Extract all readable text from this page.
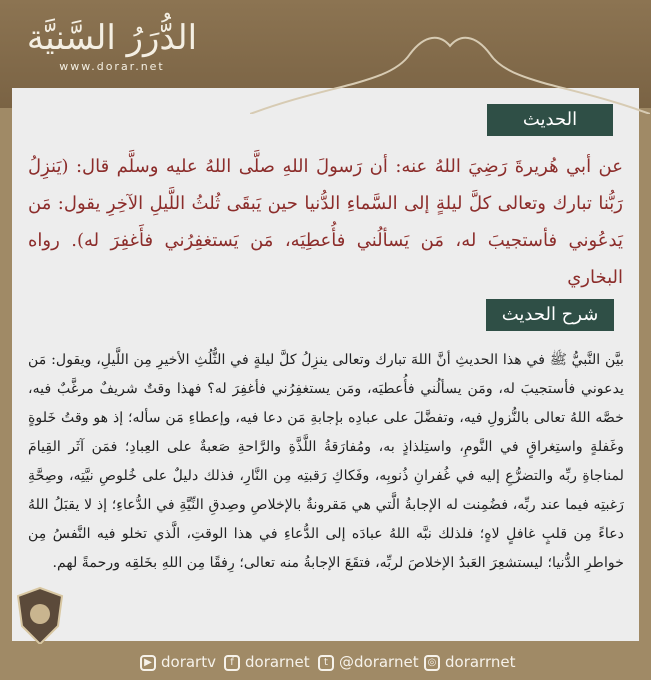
الدُّرَرُ السَّنيَّة
www.dorar.net
الحديث
عن أبي هُريرةَ رَضِيَ اللهُ عنه: أن رَسولَ اللهِ صلَّى اللهُ عليه وسلَّم قال: (يَنزِلُ رَبُّنا تبارك وتعالى كلَّ ليلةٍ إلى السَّماءِ الدُّنيا حين يَبقَى ثُلثُ اللَّيلِ الآخِرِ يقول: مَن يَدعُوني فأستجيبَ له، مَن يَسألُني فأُعطِيَه، مَن يَستغفِرُني فأَغفِرَ له). رواه البخاري
شرح الحديث
بيَّن النَّبيُّ ﷺ في هذا الحديثِ أنَّ اللهَ تبارك وتعالى ينزِلُ كلَّ ليلةٍ في الثُّلُثِ الأخيرِ مِن اللَّيلِ، ويقول: مَن يدعوني فأستجيبَ له، ومَن يسألُني فأُعطيَه، ومَن يستغفِرُني فأغفِرَ له؟ فهذا وقتٌ شريفٌ مرغَّبٌ فيه، خصَّه اللهُ تعالى بالنُّزولِ فيه، وتفضَّلَ على عبادِه بإجابةِ مَن دعا فيه، وإعطاءِ مَن سأله؛ إذ هو وقتُ خَلوةٍ وغَفلةٍ واستِغراقٍ في النَّومِ، واستِلذاذٍ به، ومُفارَقةُ اللَّذَّةِ والرَّاحةِ صَعبةٌ على العِبادِ؛ فمَن آثَر القِيامَ لمناجاةِ ربِّه والتضرُّعِ إليه في غُفرانِ ذُنوبِه، وفَكاكِ رَقبتِه مِن النَّارِ، فذلك دليلٌ على خُلوصِ نيَّتِه، وصِحَّةِ رَغبتِه فيما عند ربِّه، فضُمِنت له الإجابةُ الَّتي هي مَقرونةٌ بالإخلاصِ وصِدقِ النِّيَّةِ في الدُّعاءِ؛ إذ لا يقبَلُ اللهُ دعاءً مِن قلبٍ غافلٍ لاهٍ؛ فلذلك نبَّه اللهُ عبادَه إلى الدُّعاءِ في هذا الوقتِ، الَّذي تخلو فيه النَّفسُ مِن خواطرِ الدُّنيا؛ ليستشعِرَ العَبدُ الإخلاصَ لربِّه، فتقَعَ الإجابةُ منه تعالى؛ رِفقًا مِن اللهِ بخَلقِه ورحمةً لهم.
▶ dorartv	f dorarnet	t @dorarnet ◎ dorarrnet
